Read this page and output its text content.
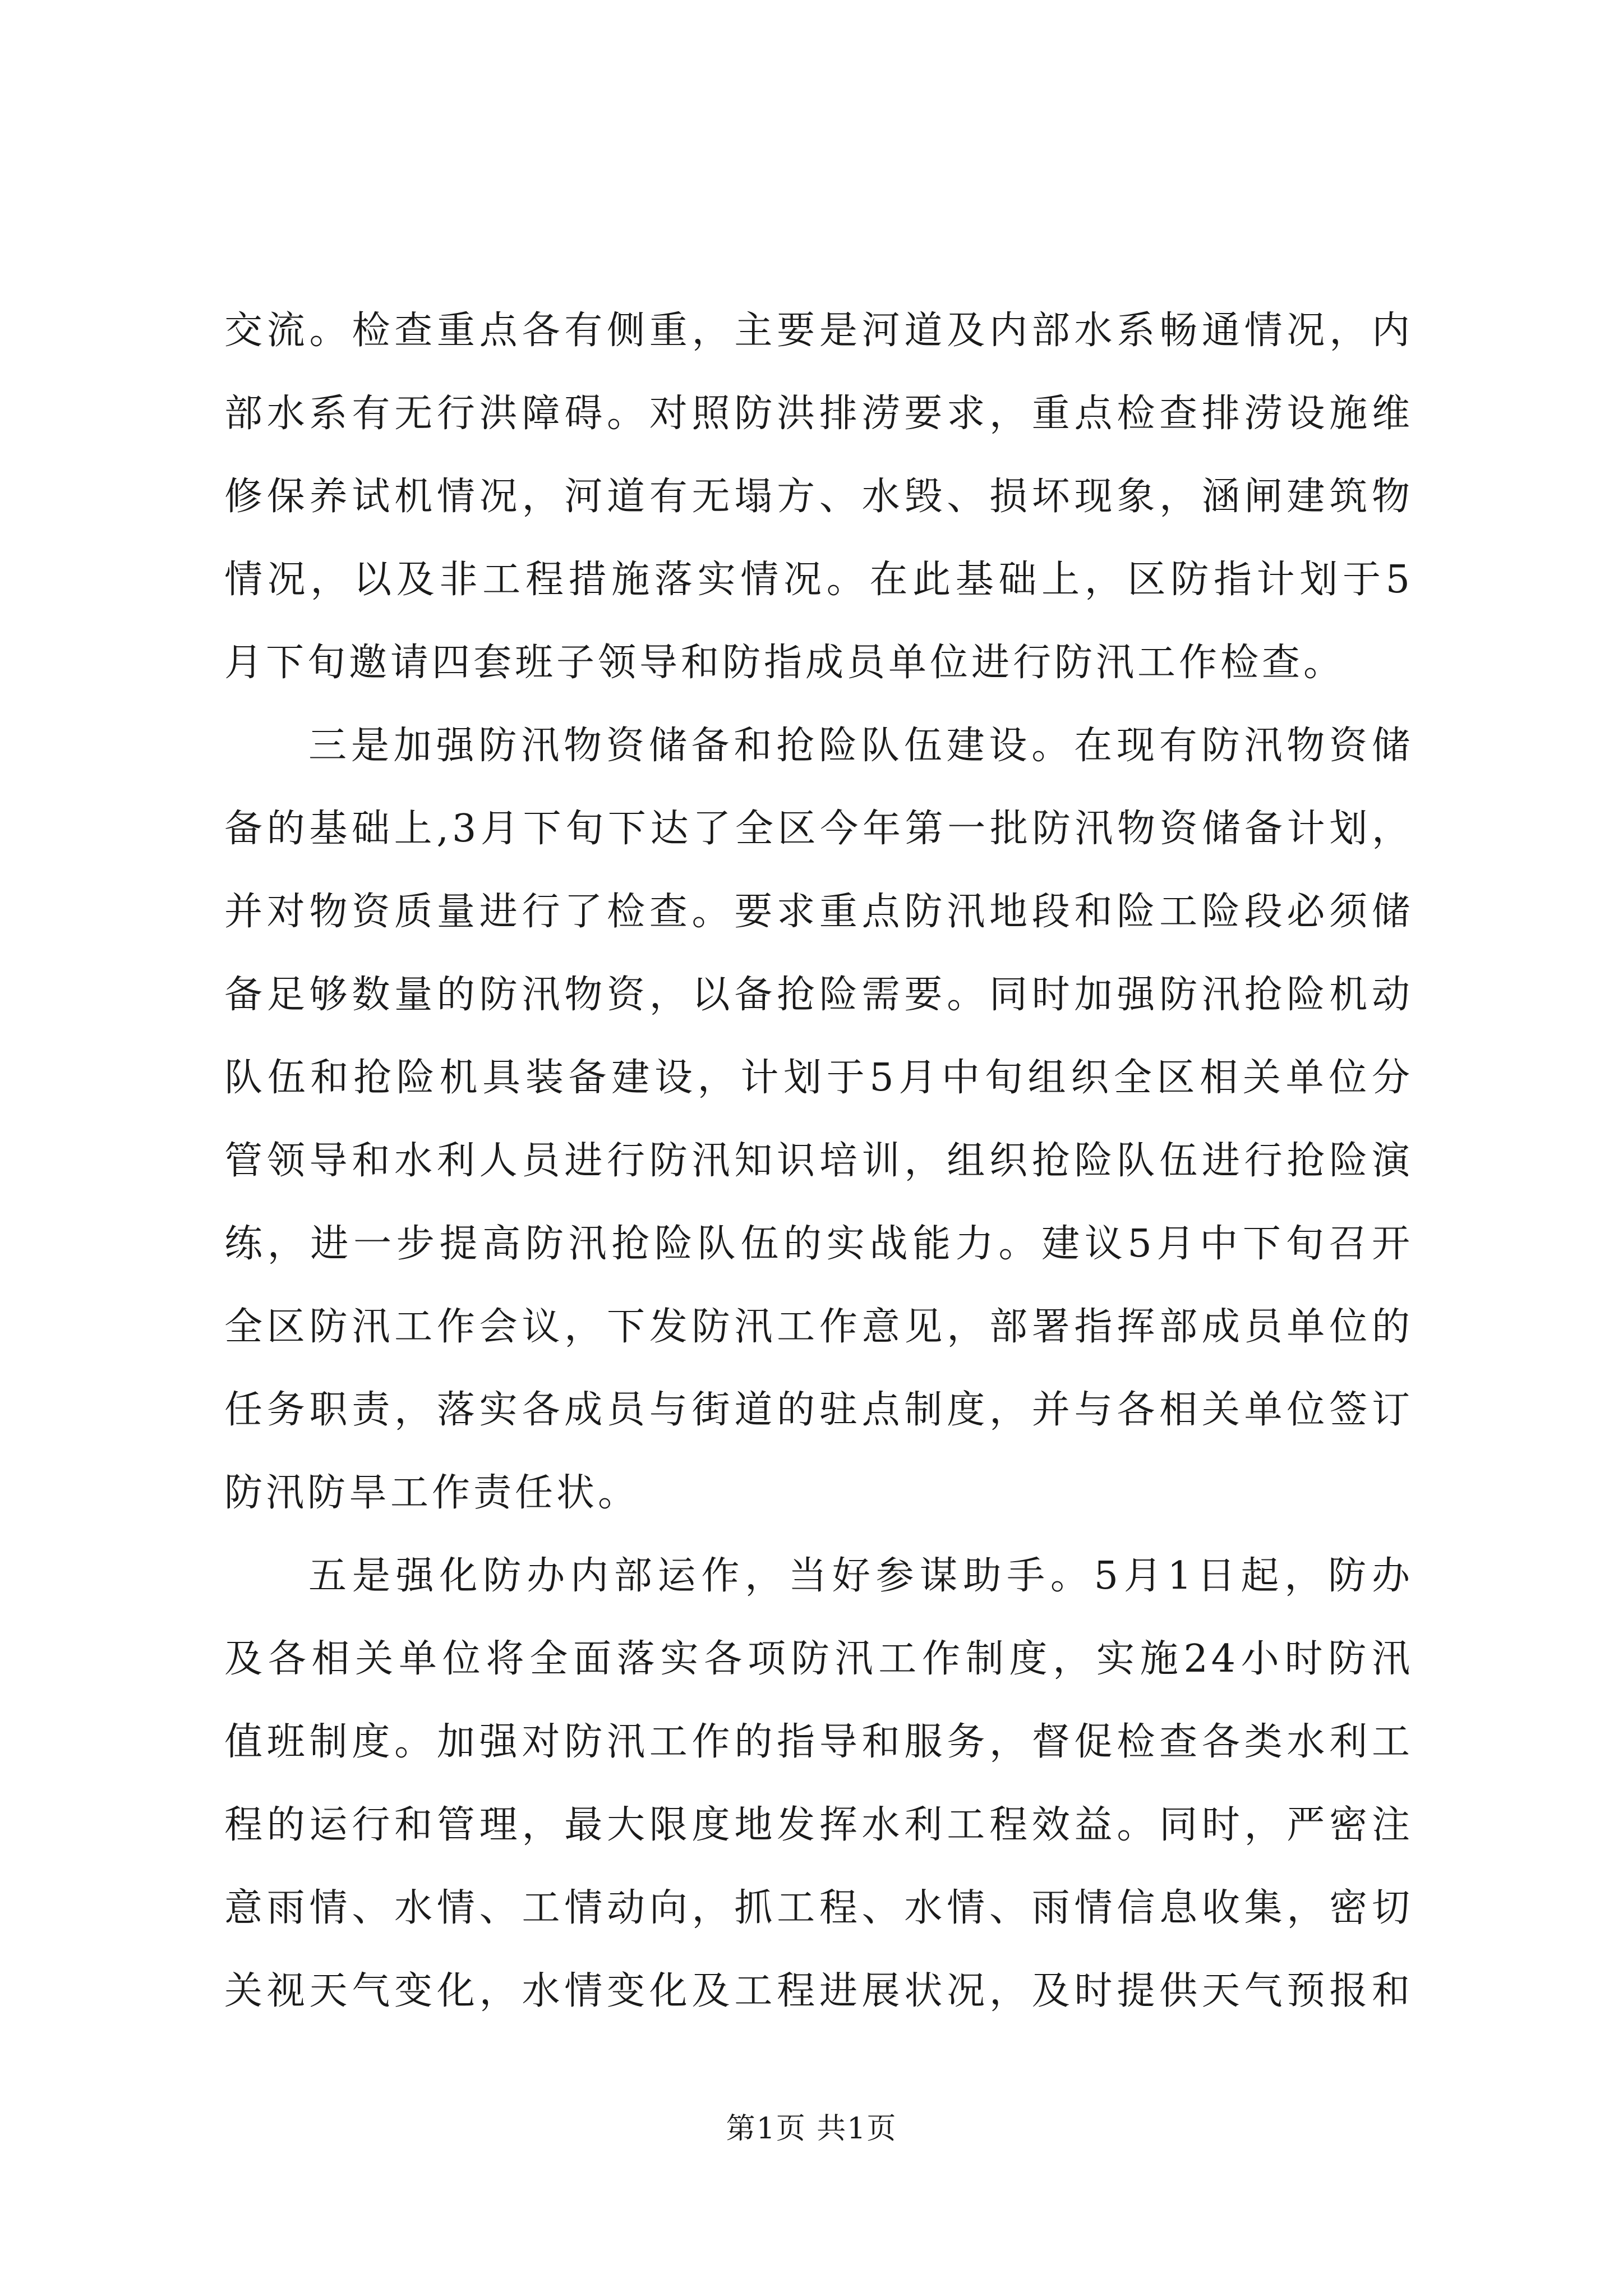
交流。检查重点各有侧重，主要是河道及内部水系畅通情况，内
部水系有无行洪障碍。对照防洪排涝要求，重点检查排涝设施维
修保养试机情况，河道有无塌方、水毁、损坏现象，涵闸建筑物
情况，以及非工程措施落实情况。在此基础上，区防指计划于5
月下旬邀请四套班子领导和防指成员单位进行防汛工作检查。
三是加强防汛物资储备和抢险队伍建设。在现有防汛物资储
备的基础上,3月下旬下达了全区今年第一批防汛物资储备计划，
并对物资质量进行了检查。要求重点防汛地段和险工险段必须储
备足够数量的防汛物资，以备抢险需要。同时加强防汛抢险机动
队伍和抢险机具装备建设，计划于5月中旬组织全区相关单位分
管领导和水利人员进行防汛知识培训，组织抢险队伍进行抢险演
练，进一步提高防汛抢险队伍的实战能力。建议5月中下旬召开
全区防汛工作会议，下发防汛工作意见，部署指挥部成员单位的
任务职责，落实各成员与街道的驻点制度，并与各相关单位签订
防汛防旱工作责任状。
五是强化防办内部运作，当好参谋助手。5月1日起，防办
及各相关单位将全面落实各项防汛工作制度，实施24小时防汛
值班制度。加强对防汛工作的指导和服务，督促检查各类水利工
程的运行和管理，最大限度地发挥水利工程效益。同时，严密注
意雨情、水情、工情动向，抓工程、水情、雨情信息收集，密切
关视天气变化，水情变化及工程进展状况，及时提供天气预报和
第1页 共1页
